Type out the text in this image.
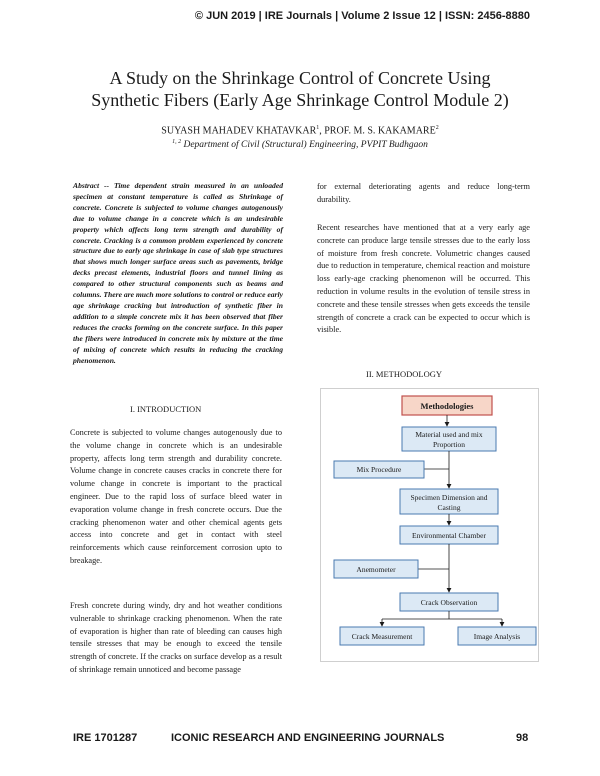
© JUN 2019 | IRE Journals | Volume 2 Issue 12 | ISSN: 2456-8880
A Study on the Shrinkage Control of Concrete Using
Synthetic Fibers (Early Age Shrinkage Control Module 2)
SUYASH MAHADEV KHATAVKAR$^1$, PROF. M. S. KAKAMARE$^2$
$^{1, 2}$ Department of Civil (Structural) Engineering, PVPIT Budhgaon
Abstract -- Time dependent strain measured in an unloaded specimen at constant temperature is called as Shrinkage of concrete. Concrete is subjected to volume changes autogenously due to volume change in a concrete which is an undesirable property which affects long term strength and durability of concrete. Cracking is a common problem experienced by concrete structure due to early age shrinkage in case of slab type structures that shows much longer surface areas such as pavements, bridge decks precast elements, industrial floors and tunnel lining as compared to other structural components such as beams and columns. There are much more solutions to control or reduce early age shrinkage cracking but introduction of synthetic fiber in addition to a simple concrete mix it has been observed that fiber reduces the cracks forming on the concrete surface. In this paper the fibers were introduced in concrete mix by mixture at the time of mixing of concrete which results in reducing the cracking phenomenon.
I. INTRODUCTION
Concrete is subjected to volume changes autogenously due to the volume change in concrete which is an undesirable property, affects long term strength and durability concrete. Volume change in concrete causes cracks in concrete there for volume change in concrete is important to the practical engineer. Due to the rapid loss of surface bleed water in evaporation volume change in fresh concrete occurs. Due the cracking phenomenon water and other chemical agents gets access into concrete and get in contact with steel reinforcements which cause reinforcement corrosion upto to breakage.
Fresh concrete during windy, dry and hot weather conditions vulnerable to shrinkage cracking phenomenon. When the rate of evaporation is higher than rate of bleeding can causes high tensile stresses that may be enough to exceed the tensile strength of concrete. If the cracks on surface develop as a result of shrinkage remain unnoticed and become passage
for external deteriorating agents and reduce long-term durability.
Recent researches have mentioned that at a very early age concrete can produce large tensile stresses due to the early loss of moisture from fresh concrete. Volumetric changes caused due to reduction in temperature, chemical reaction and moisture loss early-age cracking phenomenon will be occurred. This reduction in volume results in the evolution of tensile stress in concrete and these tensile stresses when gets exceeds the tensile strength of concrete a crack can be expected to occur which is visible.
II. METHODOLOGY
Methodologies
Material used and mix
Proportion
Mix Procedure
Specimen Dimension and
Casting
Environmental Chamber
Anemometer
Crack Observation
Crack Measurement	Image Analysis
IRE 1701287	ICONIC RESEARCH AND ENGINEERING JOURNALS	98
